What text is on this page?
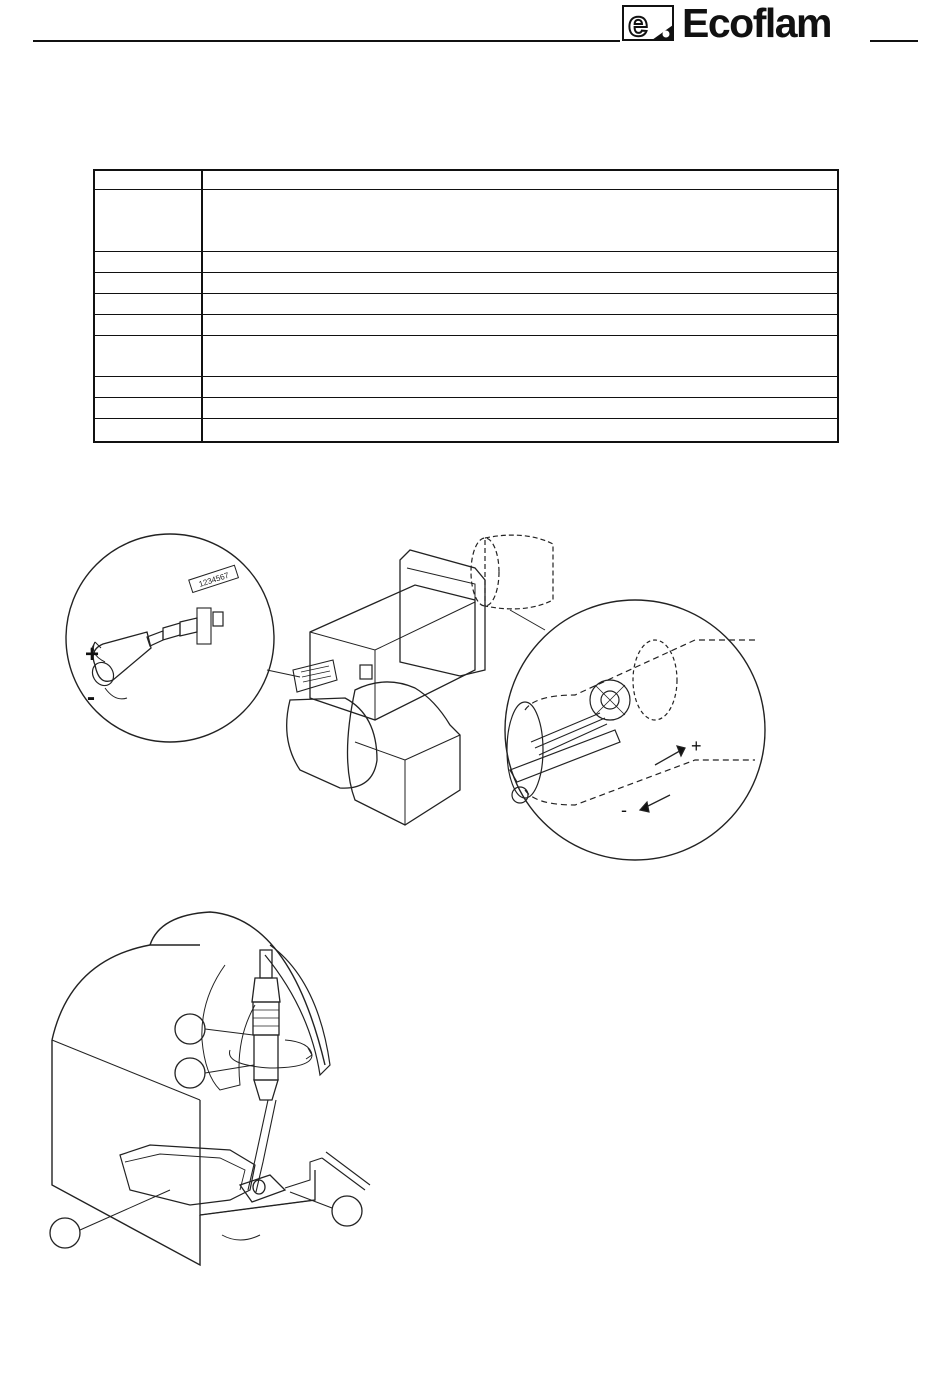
e Ecoflam

1234567
+
-
+
-
